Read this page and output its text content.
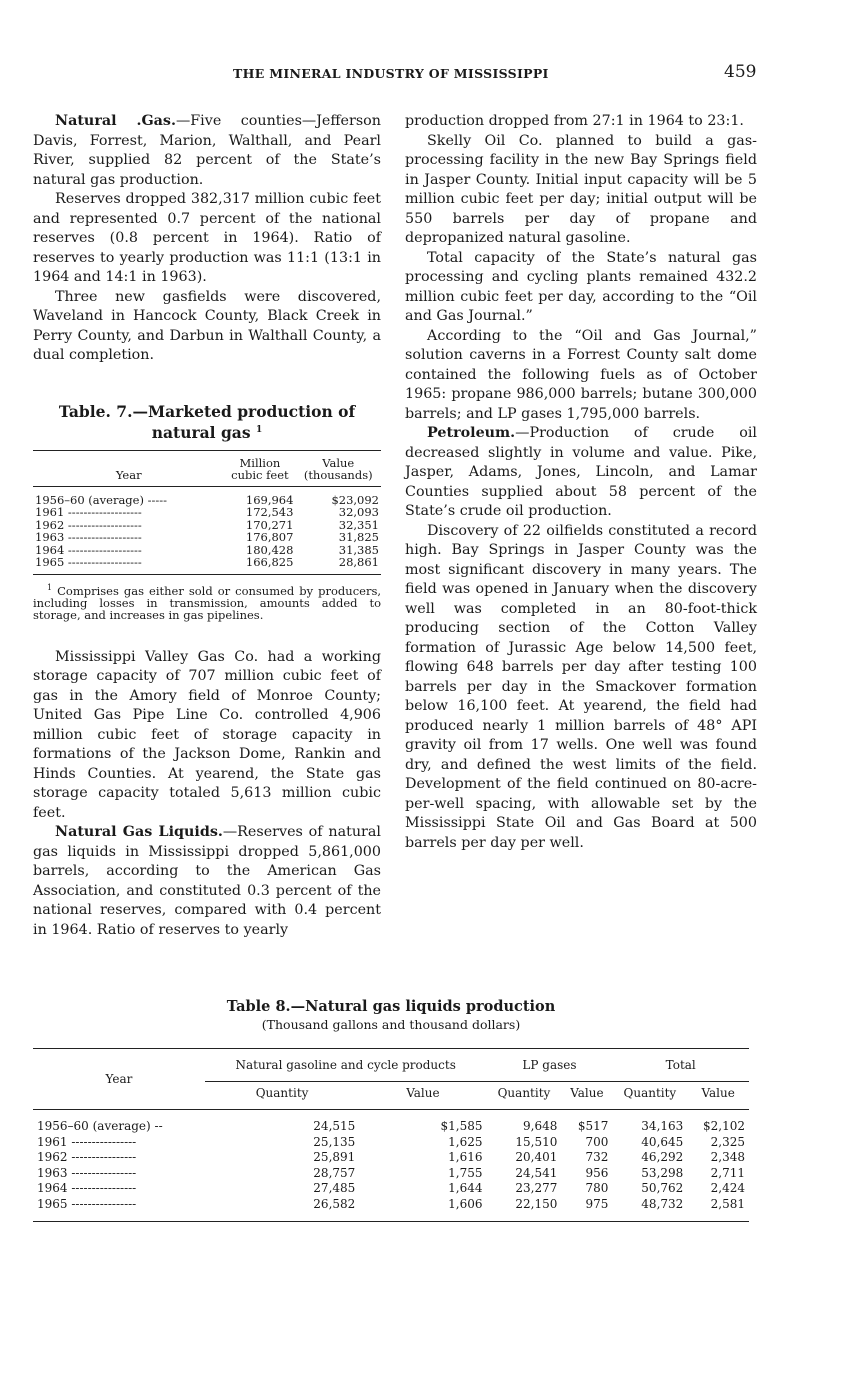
THE MINERAL INDUSTRY OF MISSISSIPPI	459

Natural .Gas.—Five counties—Jefferson Davis, Forrest, Marion, Walthall, and Pearl River, supplied 82 percent of the State’s natural gas production.

Reserves dropped 382,317 million cubic feet and represented 0.7 percent of the national reserves (0.8 percent in 1964). Ratio of reserves to yearly production was 11:1 (13:1 in 1964 and 14:1 in 1963).

Three new gasfields were discovered, Waveland in Hancock County, Black Creek in Perry County, and Darbun in Walthall County, a dual completion.

Table. 7.—Marketed production of natural gas $^1$
Year	Million cubic feet	Value (thousands)
1956–60 (average) -----	169,964	$23,092
1961 -------------------	172,543	32,093
1962 -------------------	170,271	32,351
1963 -------------------	176,807	31,825
1964 -------------------	180,428	31,385
1965 -------------------	166,825	28,861
$^1$ Comprises gas either sold or consumed by producers, including losses in transmission, amounts added to storage, and increases in gas pipelines.

Mississippi Valley Gas Co. had a working storage capacity of 707 million cubic feet of gas in the Amory field of Monroe County; United Gas Pipe Line Co. controlled 4,906 million cubic feet of storage capacity in formations of the Jackson Dome, Rankin and Hinds Counties. At yearend, the State gas storage capacity totaled 5,613 million cubic feet.

Natural Gas Liquids.—Reserves of natural gas liquids in Mississippi dropped 5,861,000 barrels, according to the American Gas Association, and constituted 0.3 percent of the national reserves, compared with 0.4 percent in 1964. Ratio of reserves to yearly

production dropped from 27:1 in 1964 to 23:1.

Skelly Oil Co. planned to build a gas-processing facility in the new Bay Springs field in Jasper County. Initial input capacity will be 5 million cubic feet per day; initial output will be 550 barrels per day of propane and depropanized natural gasoline.

Total capacity of the State’s natural gas processing and cycling plants remained 432.2 million cubic feet per day, according to the “Oil and Gas Journal.”

According to the “Oil and Gas Journal,” solution caverns in a Forrest County salt dome contained the following fuels as of October 1965: propane 986,000 barrels; butane 300,000 barrels; and LP gases 1,795,000 barrels.

Petroleum.—Production of crude oil decreased slightly in volume and value. Pike, Jasper, Adams, Jones, Lincoln, and Lamar Counties supplied about 58 percent of the State’s crude oil production.

Discovery of 22 oilfields constituted a record high. Bay Springs in Jasper County was the most significant discovery in many years. The field was opened in January when the discovery well was completed in an 80-foot-thick producing section of the Cotton Valley formation of Jurassic Age below 14,500 feet, flowing 648 barrels per day after testing 100 barrels per day in the Smackover formation below 16,100 feet. At yearend, the field had produced nearly 1 million barrels of 48° API gravity oil from 17 wells. One well was found dry, and defined the west limits of the field. Development of the field continued on 80-acre-per-well spacing, with allowable set by the Mississippi State Oil and Gas Board at 500 barrels per day per well.

Table 8.—Natural gas liquids production
(Thousand gallons and thousand dollars)
Year	Natural gasoline and cycle products		LP gases		Total	
	Quantity	Value	Quantity	Value	Quantity	Value
1956–60 (average) --	24,515	$1,585	9,648	$517	34,163	$2,102
1961 ----------------	25,135	1,625	15,510	700	40,645	2,325
1962 ----------------	25,891	1,616	20,401	732	46,292	2,348
1963 ----------------	28,757	1,755	24,541	956	53,298	2,711
1964 ----------------	27,485	1,644	23,277	780	50,762	2,424
1965 ----------------	26,582	1,606	22,150	975	48,732	2,581
